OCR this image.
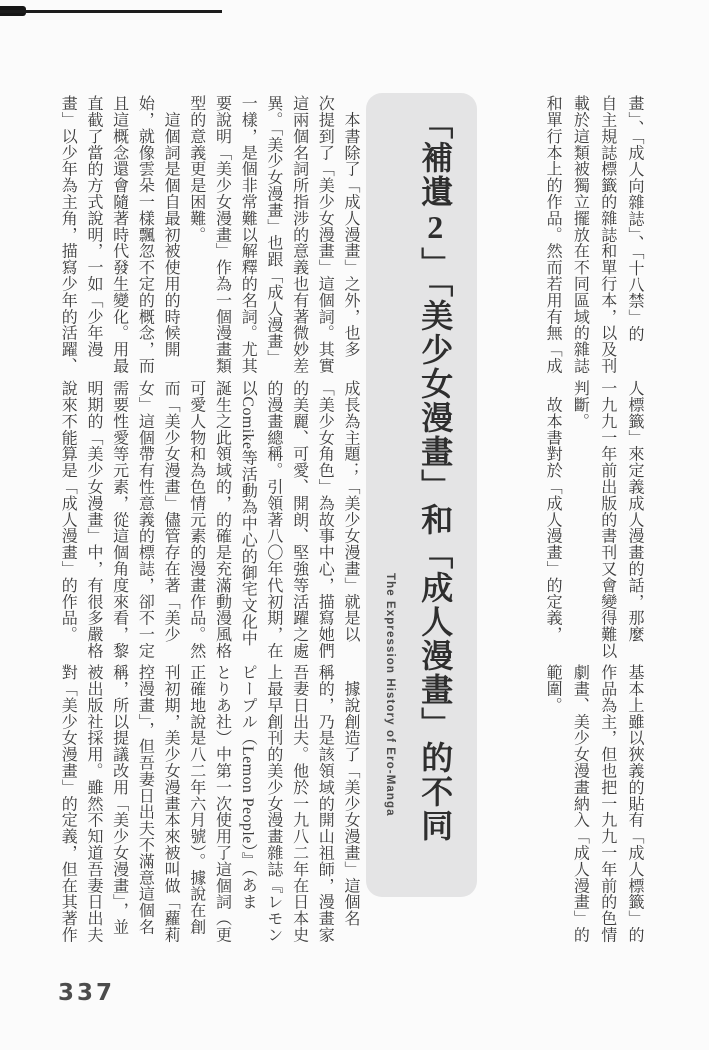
畫」、「成人向雜誌」、「十八禁」的
自主規誌標籤的雜誌和單行本，以及刊
載於這類被獨立擺放在不同區域的雜誌
和單行本上的作品。然而若用有無「成
人標籤」來定義成人漫畫的話，那麼
一九九一年前出版的書刊又會變得難以
判斷。
　故本書對於「成人漫畫」的定義，
基本上雖以狹義的貼有「成人標籤」的
作品為主，但也把一九九一年前的色情
劇畫、美少女漫畫納入「成人漫畫」的
範圍。
「補遺2」「美少女漫畫」和「成人漫畫」的不同
The Expression History of Ero-Manga
　本書除了「成人漫畫」之外，也多
次提到了「美少女漫畫」這個詞。其實
這兩個名詞所指涉的意義也有著微妙差
異。「美少女漫畫」也跟「成人漫畫」
一樣，是個非常難以解釋的名詞。尤其
要說明「美少女漫畫」作為一個漫畫類
型的意義更是困難。
　這個詞是個自最初被使用的時候開
始，就像雲朵一樣飄忽不定的概念，而
且這概念還會隨著時代發生變化。用最
直截了當的方式說明，一如「少年漫
畫」以少年為主角，描寫少年的活躍、
成長為主題；「美少女漫畫」就是以
「美少女角色」為故事中心，描寫她們
的美麗、可愛、開朗、堅強等活躍之處
的漫畫總稱。引領著八〇年代初期，在
以Comike等活動為中心的御宅文化中
誕生之此領域的，的確是充滿動漫風格
可愛人物和為色情元素的漫畫作品。然
而「美少女漫畫」儘管存在著「美少
女」這個帶有性意義的標誌，卻不一定
需要性愛等元素，從這個角度來看，黎
明期的「美少女漫畫」中，有很多嚴格
說來不能算是「成人漫畫」的作品。
　據說創造了「美少女漫畫」這個名
稱的，乃是該領域的開山祖師，漫畫家
吾妻日出夫。他於一九八二年在日本史
上最早創刊的美少女漫畫雜誌『レモン
ピープル（Lemon People）』（あま
とりあ社）中第一次使用了這個詞（更
正確地說是八二年六月號）。據說在創
刊初期，美少女漫畫本來被叫做「蘿莉
控漫畫」，但吾妻日出夫不滿意這個名
稱，所以提議改用「美少女漫畫」，並
被出版社採用。雖然不知道吾妻日出夫
對「美少女漫畫」的定義，但在其著作
337
